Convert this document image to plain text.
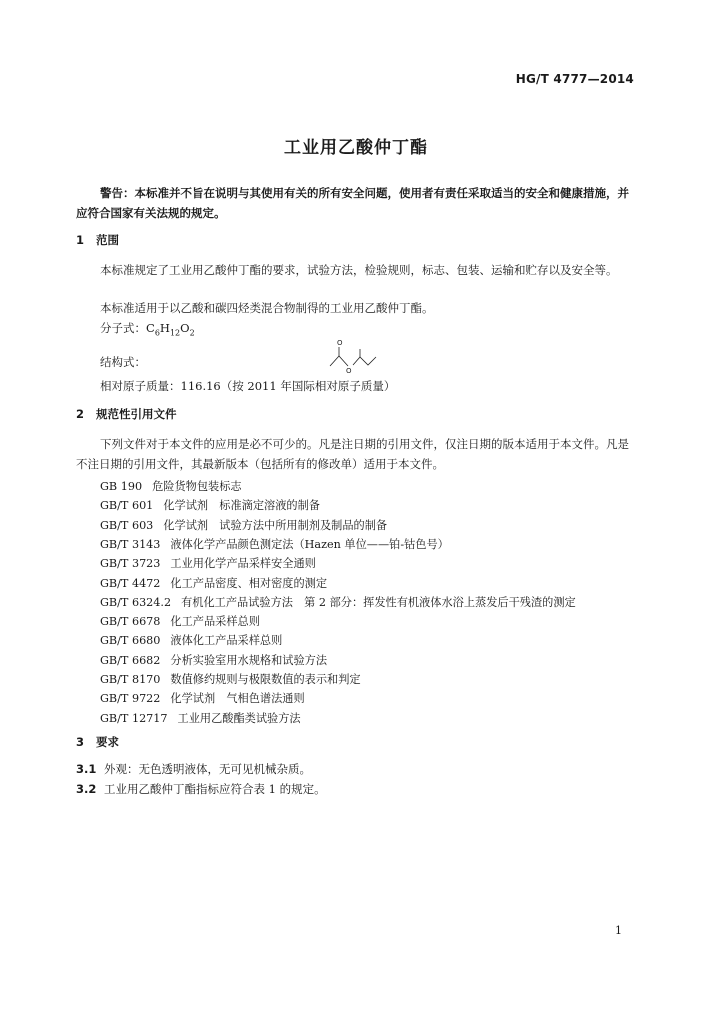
HG/T 4777—2014
工业用乙酸仲丁酯
警告：本标准并不旨在说明与其使用有关的所有安全问题，使用者有责任采取适当的安全和健康措施，并应符合国家有关法规的规定。
1 范围
本标准规定了工业用乙酸仲丁酯的要求，试验方法，检验规则，标志、包装、运输和贮存以及安全等。
本标准适用于以乙酸和碳四烃类混合物制得的工业用乙酸仲丁酯。
分子式：$C_6H_{12}O_2$
结构式：
O
O
相对原子质量：116.16（按 2011 年国际相对原子质量）
2 规范性引用文件
下列文件对于本文件的应用是必不可少的。凡是注日期的引用文件，仅注日期的版本适用于本文件。凡是不注日期的引用文件，其最新版本（包括所有的修改单）适用于本文件。
GB 190 危险货物包装标志
GB/T 601 化学试剂　标准滴定溶液的制备
GB/T 603 化学试剂　试验方法中所用制剂及制品的制备
GB/T 3143 液体化学产品颜色测定法（Hazen 单位——铂-钴色号）
GB/T 3723 工业用化学产品采样安全通则
GB/T 4472 化工产品密度、相对密度的测定
GB/T 6324.2 有机化工产品试验方法　第 2 部分：挥发性有机液体水浴上蒸发后干残渣的测定
GB/T 6678 化工产品采样总则
GB/T 6680 液体化工产品采样总则
GB/T 6682 分析实验室用水规格和试验方法
GB/T 8170 数值修约规则与极限数值的表示和判定
GB/T 9722 化学试剂　气相色谱法通则
GB/T 12717 工业用乙酸酯类试验方法
3 要求
3.1 外观：无色透明液体，无可见机械杂质。
3.2 工业用乙酸仲丁酯指标应符合表 1 的规定。
1
